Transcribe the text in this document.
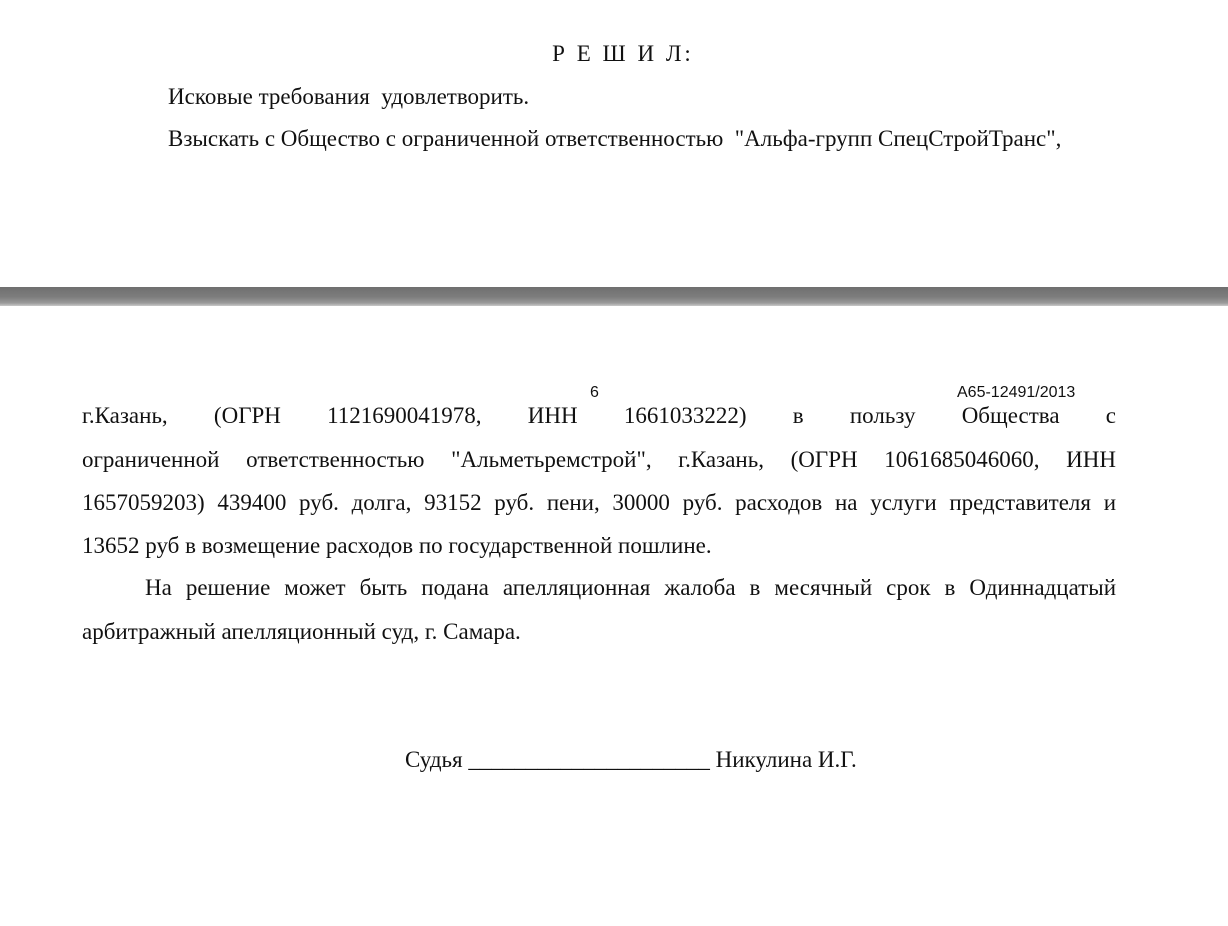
Р Е Ш И Л:
Исковые требования  удовлетворить.
Взыскать с Общество с ограниченной ответственностью  "Альфа-групп СпецСтройТранс",
6	А65-12491/2013
г.Казань, (ОГРН 1121690041978, ИНН 1661033222) в пользу Общества с
ограниченной ответственностью "Альметьремстрой", г.Казань, (ОГРН 1061685046060, ИНН
1657059203) 439400 руб. долга, 93152 руб. пени, 30000 руб. расходов на услуги представителя и
13652 руб в возмещение расходов по государственной пошлине.
На решение может быть подана апелляционная жалоба в месячный срок в Одиннадцатый
арбитражный апелляционный суд, г. Самара.
Судья _____________________ Никулина И.Г.
